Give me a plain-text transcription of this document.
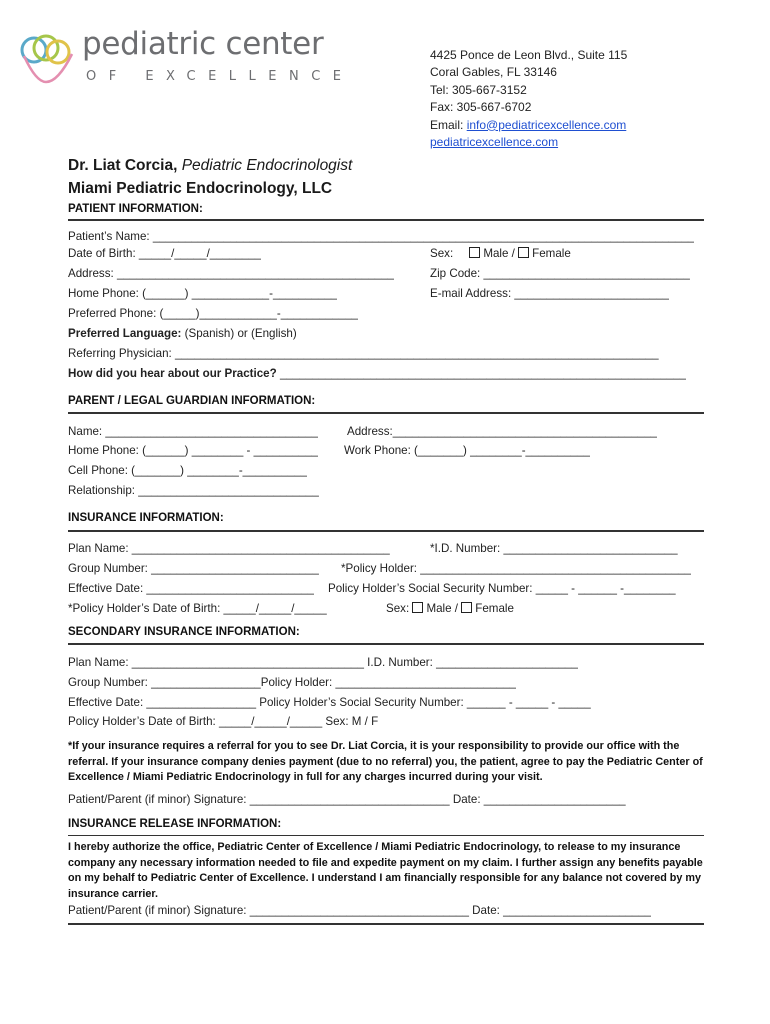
pediatric center
OF EXCELLENCE
4425 Ponce de Leon Blvd., Suite 115
Coral Gables, FL 33146
Tel: 305-667-3152
Fax: 305-667-6702
Email: info@pediatricexcellence.com
pediatricexcellence.com
Dr. Liat Corcia, Pediatric Endocrinologist
Miami Pediatric Endocrinology, LLC
PATIENT INFORMATION:
Patient’s Name: ____________________________________________________________________________________
Date of Birth: _____/_____/________	Sex:	Male / Female
Address: ___________________________________________	Zip Code: ________________________________
Home Phone: (______) ____________-__________	E-mail Address: ________________________
Preferred Phone: (_____)____________-____________
Preferred Language: (Spanish) or (English)
Referring Physician: ___________________________________________________________________________
How did you hear about our Practice? _______________________________________________________________
PARENT / LEGAL GUARDIAN INFORMATION:
Name: _________________________________ Address:_________________________________________
Home Phone: (______) ________ - __________ Work Phone: (_______) ________-__________
Cell Phone: (_______) ________-__________
Relationship: ____________________________
INSURANCE INFORMATION:
Plan Name: ________________________________________	*I.D. Number: ___________________________
Group Number: __________________________ *Policy Holder: __________________________________________
Effective Date: __________________________ Policy Holder’s Social Security Number: _____ - ______ -________
*Policy Holder’s Date of Birth: _____/_____/_____	Sex: Male / Female
SECONDARY INSURANCE INFORMATION:
Plan Name: ____________________________________ I.D. Number: ______________________
Group Number: _________________Policy Holder: ____________________________
Effective Date: _________________ Policy Holder’s Social Security Number: ______ - _____ - _____
Policy Holder’s Date of Birth: _____/_____/_____ Sex: M / F
*If your insurance requires a referral for you to see Dr. Liat Corcia, it is your responsibility to provide our office with the referral. If your insurance company denies payment (due to no referral) you, the patient, agree to pay the Pediatric Center of Excellence / Miami Pediatric Endocrinology in full for any charges incurred during your visit.
Patient/Parent (if minor) Signature: _______________________________ Date: ______________________
INSURANCE RELEASE INFORMATION:
I hereby authorize the office, Pediatric Center of Excellence / Miami Pediatric Endocrinology, to release to my insurance company any necessary information needed to file and expedite payment on my claim. I further assign any benefits payable on my behalf to Pediatric Center of Excellence. I understand I am financially responsible for any balance not covered by my insurance carrier.
Patient/Parent (if minor) Signature: __________________________________ Date: _______________________
